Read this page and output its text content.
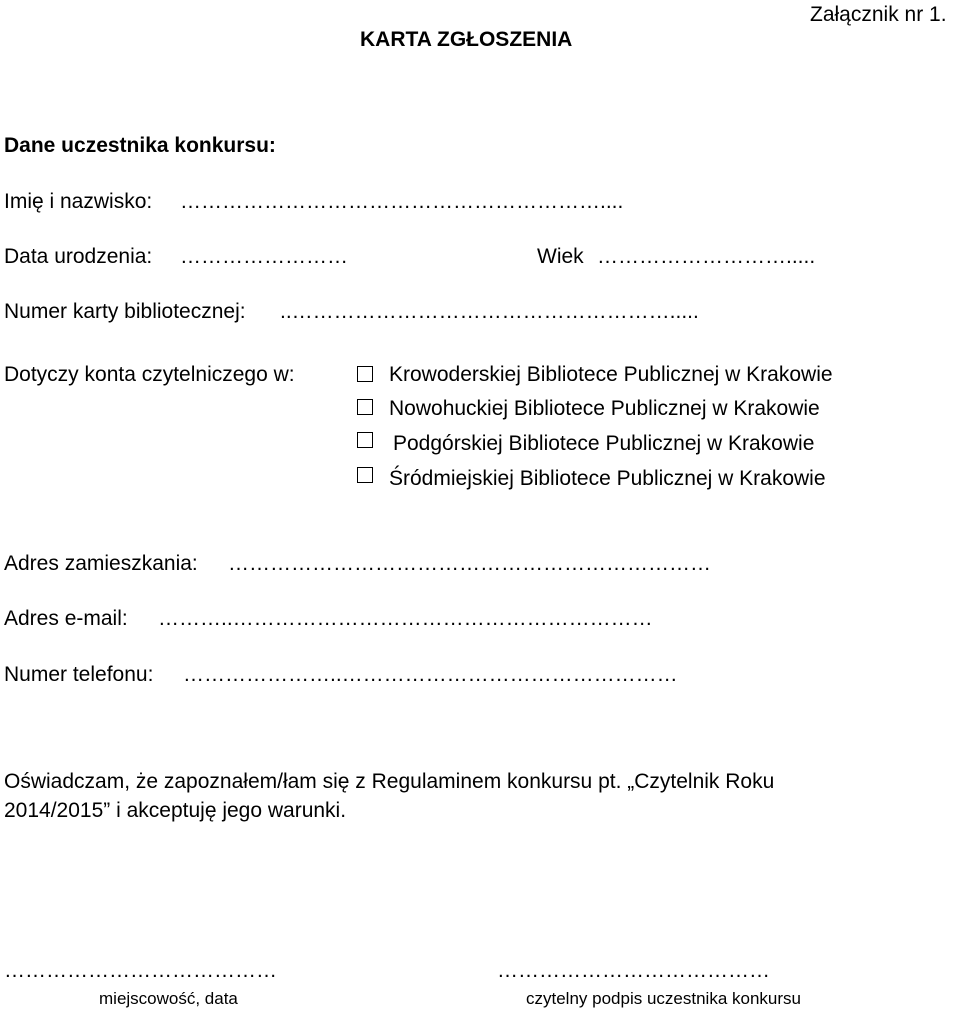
Załącznik nr 1.
KARTA ZGŁOSZENIA
Dane uczestnika konkursu:
Imię i nazwisko: ……………………………………………………....
Data urodzenia: ……………………	Wiek ……………………….....
Numer karty bibliotecznej: ..……………………………………………….....
Dotyczy konta czytelniczego w:	Krowoderskiej Bibliotece Publicznej w Krakowie
Nowohuckiej Bibliotece Publicznej w Krakowie
Podgórskiej Bibliotece Publicznej w Krakowie
Śródmiejskiej Bibliotece Publicznej w Krakowie
Adres zamieszkania: ……………………………………………………………
Adres e-mail: ………..……………………………………………………
Numer telefonu: …………………..…………………………………………
Oświadczam, że zapoznałem/łam się z Regulaminem konkursu pt. „Czytelnik Roku
2014/2015” i akceptuję jego warunki.
…………………………………
miejscowość, data
…………………………………
czytelny podpis uczestnika konkursu
